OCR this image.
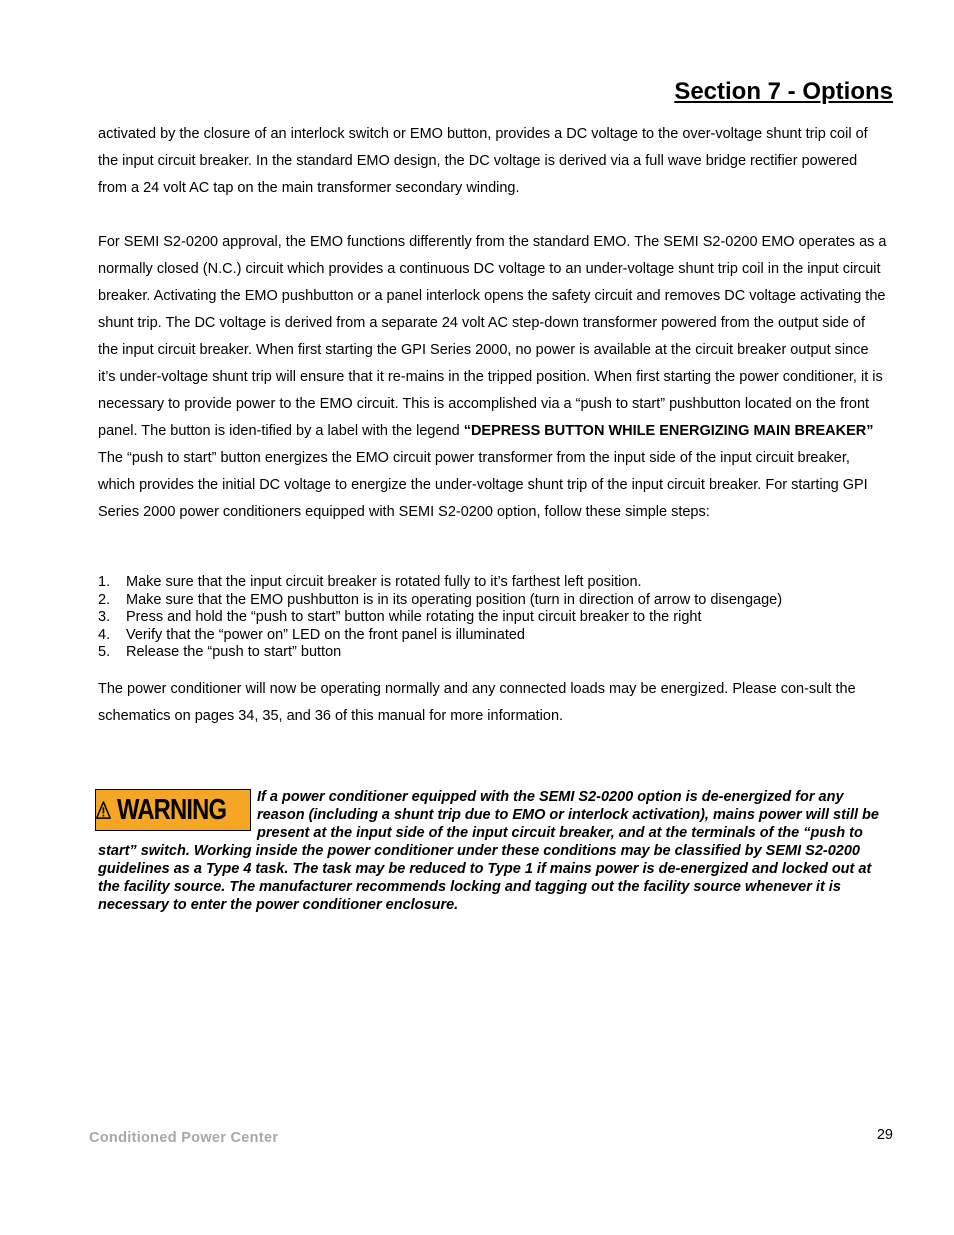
Section 7 - Options

activated by the closure of an interlock switch or EMO button, provides a DC voltage to the over-voltage shunt trip coil of the input circuit breaker. In the standard EMO design, the DC voltage is derived via a full wave bridge rectifier powered from a 24 volt AC tap on the main transformer secondary winding.

For SEMI S2-0200 approval, the EMO functions differently from the standard EMO. The SEMI S2-0200 EMO operates as a normally closed (N.C.) circuit which provides a continuous DC voltage to an under-voltage shunt trip coil in the input circuit breaker. Activating the EMO pushbutton or a panel interlock opens the safety circuit and removes DC voltage activating the shunt trip. The DC voltage is derived from a separate 24 volt AC step-down transformer powered from the output side of the input circuit breaker. When first starting the GPI Series 2000, no power is available at the circuit breaker output since it’s under-voltage shunt trip will ensure that it re-mains in the tripped position. When first starting the power conditioner, it is necessary to provide power to the EMO circuit. This is accomplished via a “push to start” pushbutton located on the front panel. The button is iden-tified by a label with the legend “DEPRESS BUTTON WHILE ENERGIZING MAIN BREAKER” The “push to start” button energizes the EMO circuit power transformer from the input side of the input circuit breaker, which provides the initial DC voltage to energize the under-voltage shunt trip of the input circuit breaker. For starting GPI Series 2000 power conditioners equipped with SEMI S2-0200 option, follow these simple steps:

1.	Make sure that the input circuit breaker is rotated fully to it’s farthest left position.
2.	Make sure that the EMO pushbutton is in its operating position (turn in direction of arrow to disengage)
3.	Press and hold the “push to start” button while rotating the input circuit breaker to the right
4.	Verify that the “power on” LED on the front panel is illuminated
5.	Release the “push to start” button

The power conditioner will now be operating normally and any connected loads may be energized. Please con-sult the schematics on pages 34, 35, and 36 of this manual for more information.

WARNING If a power conditioner equipped with the SEMI S2-0200 option is de-energized for any reason (including a shunt trip due to EMO or interlock activation), mains power will still be present at the input side of the input circuit breaker, and at the terminals of the “push to start” switch. Working inside the power conditioner under these conditions may be classified by SEMI S2-0200 guidelines as a Type 4 task. The task may be reduced to Type 1 if mains power is de-energized and locked out at the facility source. The manufacturer recommends locking and tagging out the facility source whenever it is necessary to enter the power conditioner enclosure.
Conditioned Power Center	29
